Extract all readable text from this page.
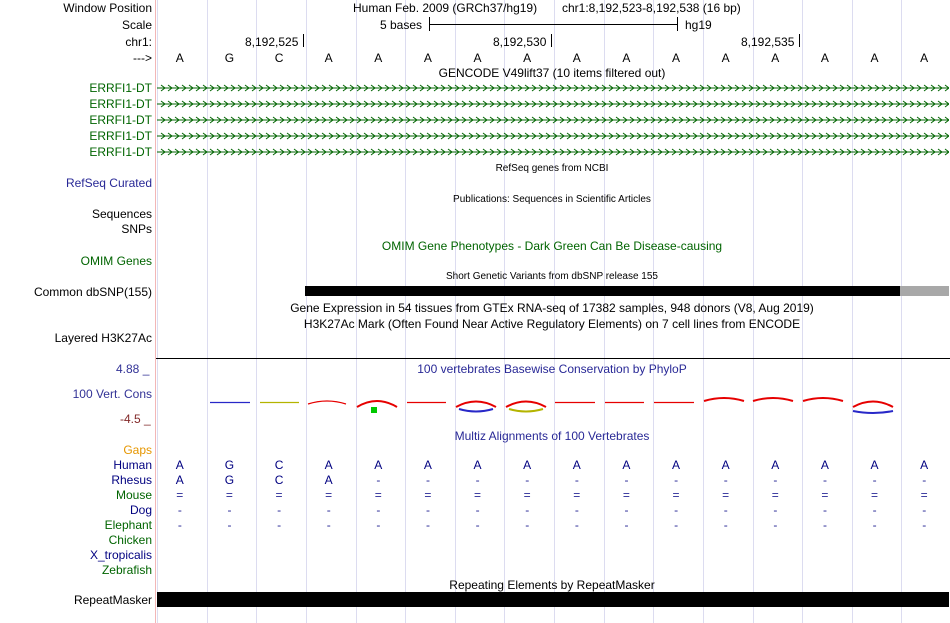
Window Position	Human Feb. 2009 (GRCh37/hg19) chr1:8,192,523-8,192,538 (16 bp)
Scale	5 bases	hg19
chr1:	8,192,525	8,192,530	8,192,535
--->	A	G	C	A	A	A	A	A	A	A	A	A	A	A	A	A
GENCODE V49lift37 (10 items filtered out)
ERRFI1-DT
ERRFI1-DT
ERRFI1-DT
ERRFI1-DT
ERRFI1-DT
RefSeq genes from NCBI
RefSeq Curated
Publications: Sequences in Scientific Articles
Sequences
SNPs
OMIM Gene Phenotypes - Dark Green Can Be Disease-causing
OMIM Genes
Short Genetic Variants from dbSNP release 155
Common dbSNP(155)
Gene Expression in 54 tissues from GTEx RNA-seq of 17382 samples, 948 donors (V8, Aug 2019)
H3K27Ac Mark (Often Found Near Active Regulatory Elements) on 7 cell lines from ENCODE
Layered H3K27Ac
100 vertebrates Basewise Conservation by PhyloP
4.88 _
100 Vert. Cons
-4.5 _
Gaps
Multiz Alignments of 100 Vertebrates
Human	A	G	C	A	A	A	A	A	A	A	A	A	A	A	A	A
Rhesus	A	G	C	A	-	-	-	-	-	-	-	-	-	-	-	-
Mouse	=	=	=	=	=	=	=	=	=	=	=	=	=	=	=	=
Dog	-	-	-	-	-	-	-	-	-	-	-	-	-	-	-	-
Elephant	-	-	-	-	-	-	-	-	-	-	-	-	-	-	-	-
Chicken
X_tropicalis
Zebrafish
Repeating Elements by RepeatMasker
RepeatMasker
